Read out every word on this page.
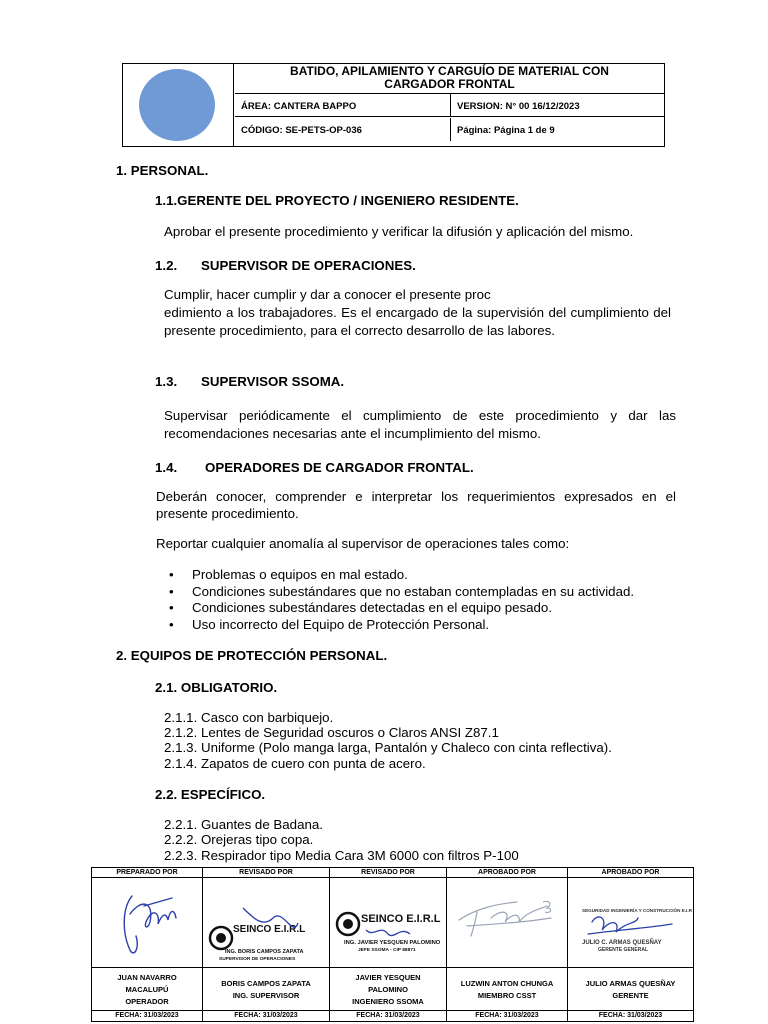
BATIDO, APILAMIENTO Y CARGUÍO DE MATERIAL CON
CARGADOR FRONTAL
ÁREA: CANTERA BAPPO	VERSION: N° 00 16/12/2023
CÓDIGO: SE-PETS-OP-036	Página: Página 1 de 9
1. PERSONAL.
1.1.GERENTE DEL PROYECTO / INGENIERO RESIDENTE.
Aprobar el presente procedimiento y verificar la difusión y aplicación del mismo.
1.2. SUPERVISOR DE OPERACIONES.
Cumplir, hacer cumplir y dar a conocer el presente proc
edimiento a los trabajadores. Es el encargado de la supervisión del cumplimiento del presente procedimiento, para el correcto desarrollo de las labores.
1.3. SUPERVISOR SSOMA.
Supervisar periódicamente el cumplimiento de este procedimiento y dar las recomendaciones necesarias ante el incumplimiento del mismo.
1.4. OPERADORES DE CARGADOR FRONTAL.
Deberán conocer, comprender e interpretar los requerimientos expresados en el presente procedimiento.
Reportar cualquier anomalía al supervisor de operaciones tales como:
• Problemas o equipos en mal estado.
• Condiciones subestándares que no estaban contempladas en su actividad.
• Condiciones subestándares detectadas en el equipo pesado.
• Uso incorrecto del Equipo de Protección Personal.
2. EQUIPOS DE PROTECCIÓN PERSONAL.
2.1. OBLIGATORIO.
2.1.1. Casco con barbiquejo.
2.1.2. Lentes de Seguridad oscuros o Claros ANSI Z87.1
2.1.3. Uniforme (Polo manga larga, Pantalón y Chaleco con cinta reflectiva).
2.1.4. Zapatos de cuero con punta de acero.
2.2. ESPECÍFICO.
2.2.1. Guantes de Badana.
2.2.2. Orejeras tipo copa.
2.2.3. Respirador tipo Media Cara 3M 6000 con filtros P-100
PREPARADO POR
JUAN NAVARRO
MACALUPÚ
OPERADOR
FECHA: 31/03/2023
REVISADO POR
SEINCO E.I.R.L
ING. BORIS CAMPOS ZAPATA
SUPERVISOR DE OPERACIONES
BORIS CAMPOS ZAPATA
ING. SUPERVISOR
FECHA: 31/03/2023
REVISADO POR
SEINCO E.I.R.L
ING. JAVIER YESQUEN PALOMINO
JEFE SSOMA - CIP 88871
JAVIER YESQUEN
PALOMINO
INGENIERO SSOMA
FECHA: 31/03/2023
APROBADO POR
LUZWIN ANTON CHUNGA
MIEMBRO CSST
FECHA: 31/03/2023
APROBADO POR
SEGURIDAD INGENIERÍA Y CONSTRUCCIÓN E.I.R.
JULIO C. ARMAS QUESÑAY
GERENTE GENERAL
JULIO ARMAS QUESÑAY
GERENTE
FECHA: 31/03/2023
